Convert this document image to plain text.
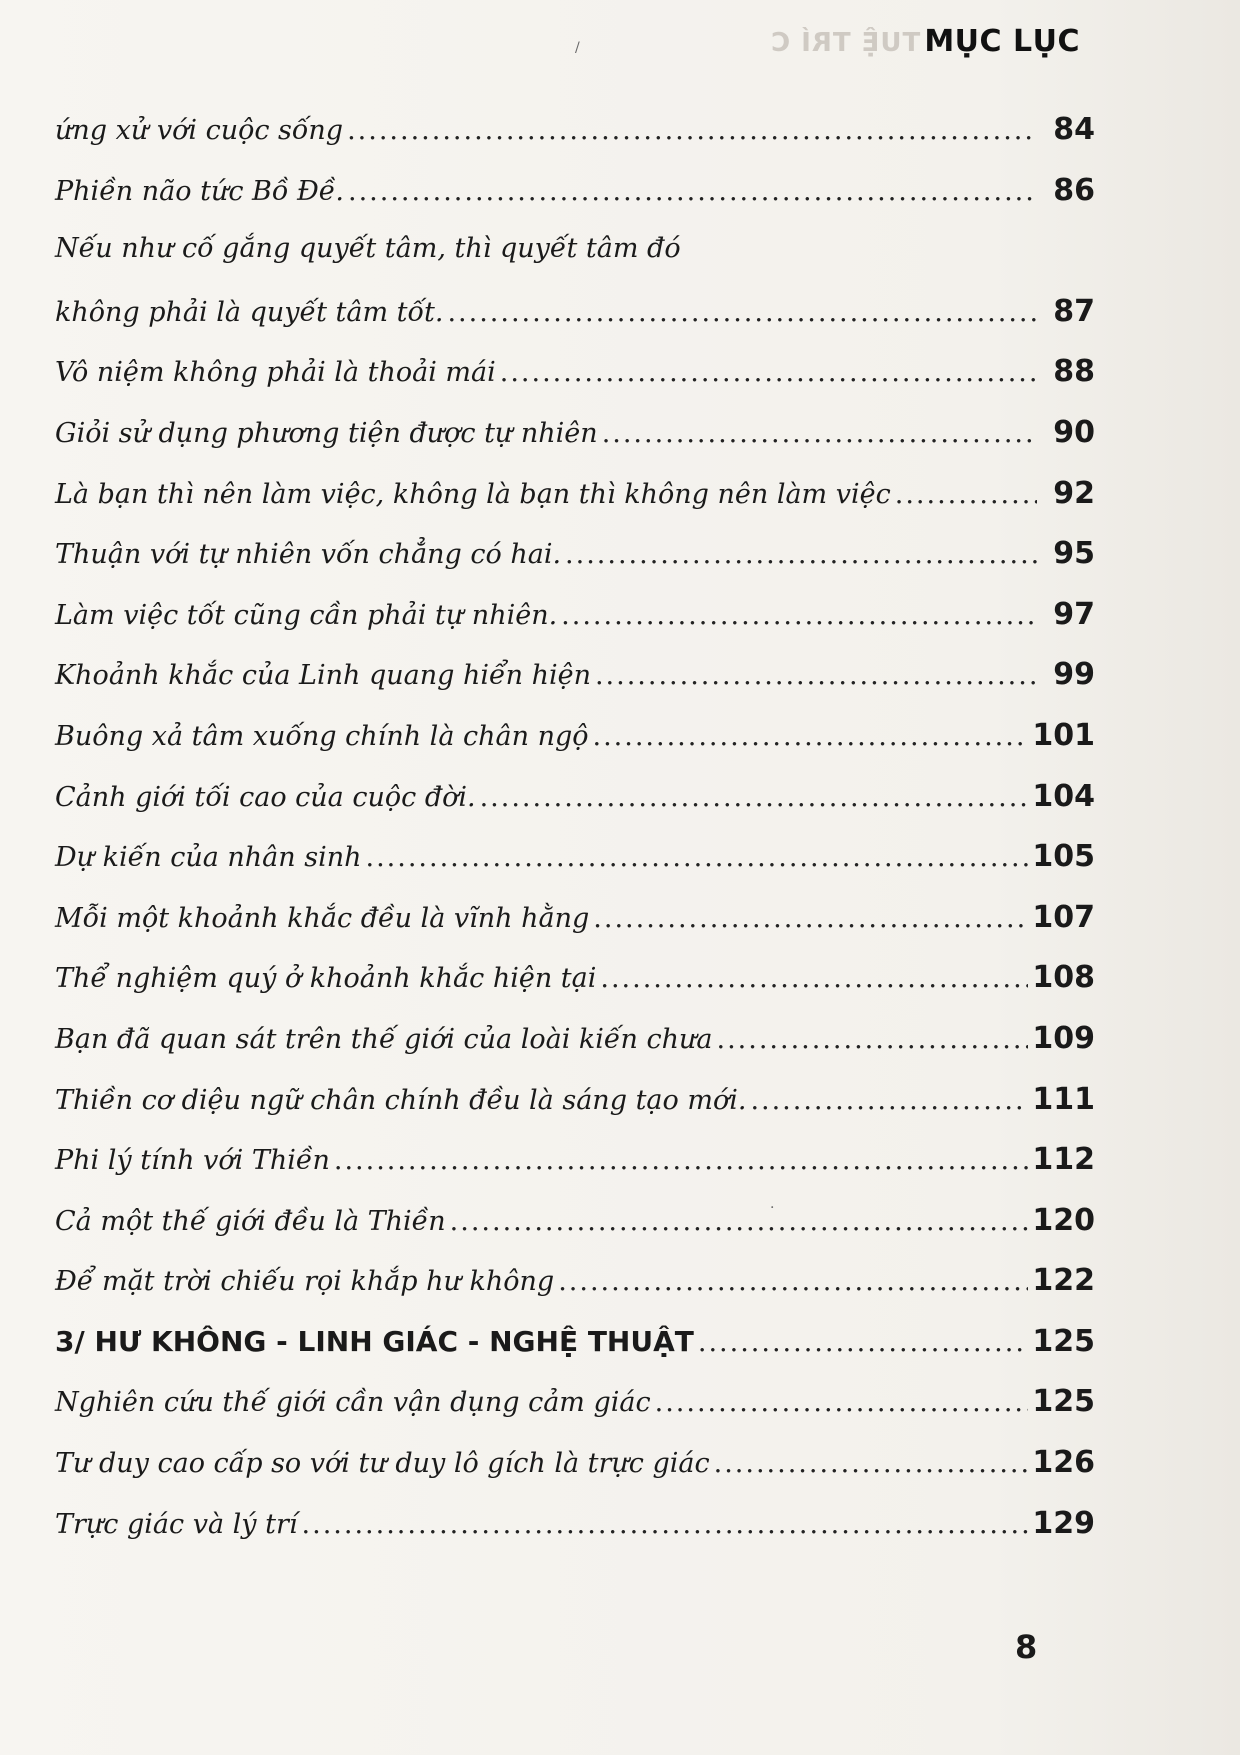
TUỆ TRÍ C MỤC LỤC
ứng xử với cuộc sống .....	84
Phiền não tức Bồ Đề. .....	86
Nếu như cố gắng quyết tâm, thì quyết tâm đó
không phải là quyết tâm tốt. .....	87
Vô niệm không phải là thoải mái .....	88
Giỏi sử dụng phương tiện được tự nhiên .....	90
Là bạn thì nên làm việc, không là bạn thì không nên làm việc .....	92
Thuận với tự nhiên vốn chẳng có hai. .....	95
Làm việc tốt cũng cần phải tự nhiên. .....	97
Khoảnh khắc của Linh quang hiển hiện .....	99
Buông xả tâm xuống chính là chân ngộ .....	101
Cảnh giới tối cao của cuộc đời. .....	104
Dự kiến của nhân sinh .....	105
Mỗi một khoảnh khắc đều là vĩnh hằng .....	107
Thể nghiệm quý ở khoảnh khắc hiện tại .....	108
Bạn đã quan sát trên thế giới của loài kiến chưa .....	109
Thiền cơ diệu ngữ chân chính đều là sáng tạo mới. .....	111
Phi lý tính với Thiền .....	112
Cả một thế giới đều là Thiền .....	120
Để mặt trời chiếu rọi khắp hư không .....	122
3/ HƯ KHÔNG - LINH GIÁC - NGHỆ THUẬT .....	125
Nghiên cứu thế giới cần vận dụng cảm giác .....	125
Tư duy cao cấp so với tư duy lô gích là trực giác .....	126
Trực giác và lý trí .....	129
8
/
·
